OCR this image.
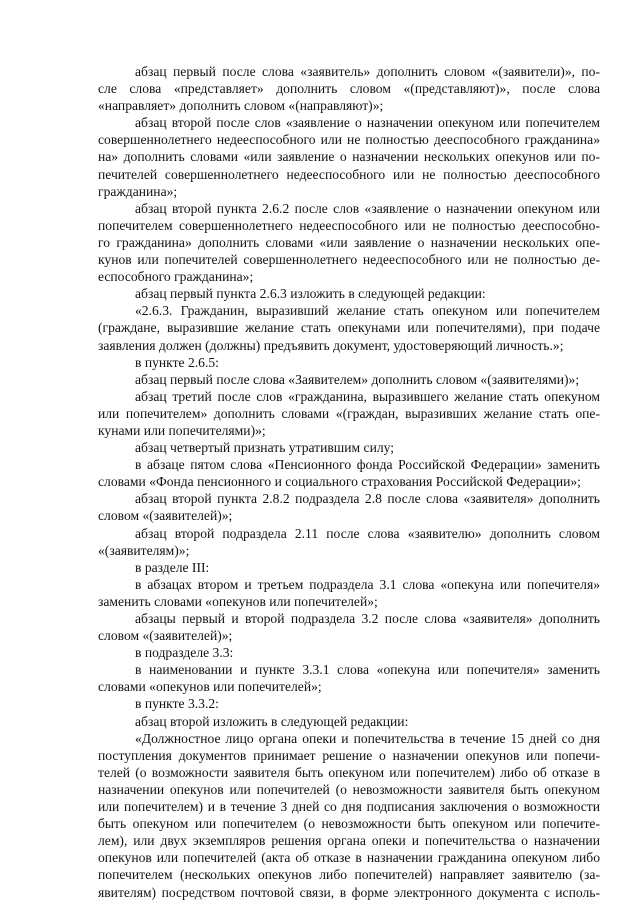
абзац первый после слова «заявитель» дополнить словом «(заявители)», по-
сле слова «представляет» дополнить словом «(представляют)», после слова
«направляет» дополнить словом «(направляют)»;
абзац второй после слов «заявление о назначении опекуном или попечителем
совершеннолетнего недееспособного или не полностью дееспособного гражданина»
на» дополнить словами «или заявление о назначении нескольких опекунов или по-
печителей совершеннолетнего недееспособного или не полностью дееспособного
гражданина»;
абзац второй пункта 2.6.2 после слов «заявление о назначении опекуном или
попечителем совершеннолетнего недееспособного или не полностью дееспособно-
го гражданина» дополнить словами «или заявление о назначении нескольких опе-
кунов или попечителей совершеннолетнего недееспособного или не полностью де-
еспособного гражданина»;
абзац первый пункта 2.6.3 изложить в следующей редакции:
«2.6.3. Гражданин, выразивший желание стать опекуном или попечителем
(граждане, выразившие желание стать опекунами или попечителями), при подаче
заявления должен (должны) предъявить документ, удостоверяющий личность.»;
в пункте 2.6.5:
абзац первый после слова «Заявителем» дополнить словом «(заявителями)»;
абзац третий после слов «гражданина, выразившего желание стать опекуном
или попечителем» дополнить словами «(граждан, выразивших желание стать опе-
кунами или попечителями)»;
абзац четвертый признать утратившим силу;
в абзаце пятом слова «Пенсионного фонда Российской Федерации» заменить
словами «Фонда пенсионного и социального страхования Российской Федерации»;
абзац второй пункта 2.8.2 подраздела 2.8 после слова «заявителя» дополнить
словом «(заявителей)»;
абзац второй подраздела 2.11 после слова «заявителю» дополнить словом
«(заявителям)»;
в разделе III:
в абзацах втором и третьем подраздела 3.1 слова «опекуна или попечителя»
заменить словами «опекунов или попечителей»;
абзацы первый и второй подраздела 3.2 после слова «заявителя» дополнить
словом «(заявителей)»;
в подразделе 3.3:
в наименовании и пункте 3.3.1 слова «опекуна или попечителя» заменить
словами «опекунов или попечителей»;
в пункте 3.3.2:
абзац второй изложить в следующей редакции:
«Должностное лицо органа опеки и попечительства в течение 15 дней со дня
поступления документов принимает решение о назначении опекунов или попечи-
телей (о возможности заявителя быть опекуном или попечителем) либо об отказе в
назначении опекунов или попечителей (о невозможности заявителя быть опекуном
или попечителем) и в течение 3 дней со дня подписания заключения о возможности
быть опекуном или попечителем (о невозможности быть опекуном или попечите-
лем), или двух экземпляров решения органа опеки и попечительства о назначении
опекунов или попечителей (акта об отказе в назначении гражданина опекуном либо
попечителем (нескольких опекунов либо попечителей) направляет заявителю (за-
явителям) посредством почтовой связи, в форме электронного документа с исполь-
